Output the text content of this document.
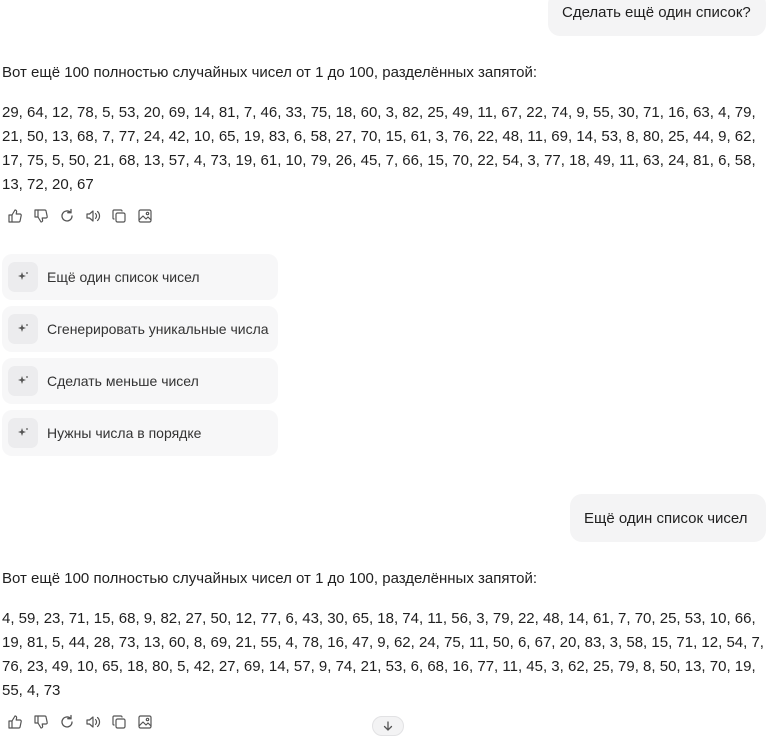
Сделать ещё один список?
Вот ещё 100 полностью случайных чисел от 1 до 100, разделённых запятой:
29, 64, 12, 78, 5, 53, 20, 69, 14, 81, 7, 46, 33, 75, 18, 60, 3, 82, 25, 49, 11, 67, 22, 74, 9, 55, 30, 71, 16, 63, 4, 79, 21, 50, 13, 68, 7, 77, 24, 42, 10, 65, 19, 83, 6, 58, 27, 70, 15, 61, 3, 76, 22, 48, 11, 69, 14, 53, 8, 80, 25, 44, 9, 62, 17, 75, 5, 50, 21, 68, 13, 57, 4, 73, 19, 61, 10, 79, 26, 45, 7, 66, 15, 70, 22, 54, 3, 77, 18, 49, 11, 63, 24, 81, 6, 58, 13, 72, 20, 67
Ещё один список чисел
Сгенерировать уникальные числа
Сделать меньше чисел
Нужны числа в порядке
Ещё один список чисел
Вот ещё 100 полностью случайных чисел от 1 до 100, разделённых запятой:
4, 59, 23, 71, 15, 68, 9, 82, 27, 50, 12, 77, 6, 43, 30, 65, 18, 74, 11, 56, 3, 79, 22, 48, 14, 61, 7, 70, 25, 53, 10, 66, 19, 81, 5, 44, 28, 73, 13, 60, 8, 69, 21, 55, 4, 78, 16, 47, 9, 62, 24, 75, 11, 50, 6, 67, 20, 83, 3, 58, 15, 71, 12, 54, 7, 76, 23, 49, 10, 65, 18, 80, 5, 42, 27, 69, 14, 57, 9, 74, 21, 53, 6, 68, 16, 77, 11, 45, 3, 62, 25, 79, 8, 50, 13, 70, 19, 55, 4, 73
